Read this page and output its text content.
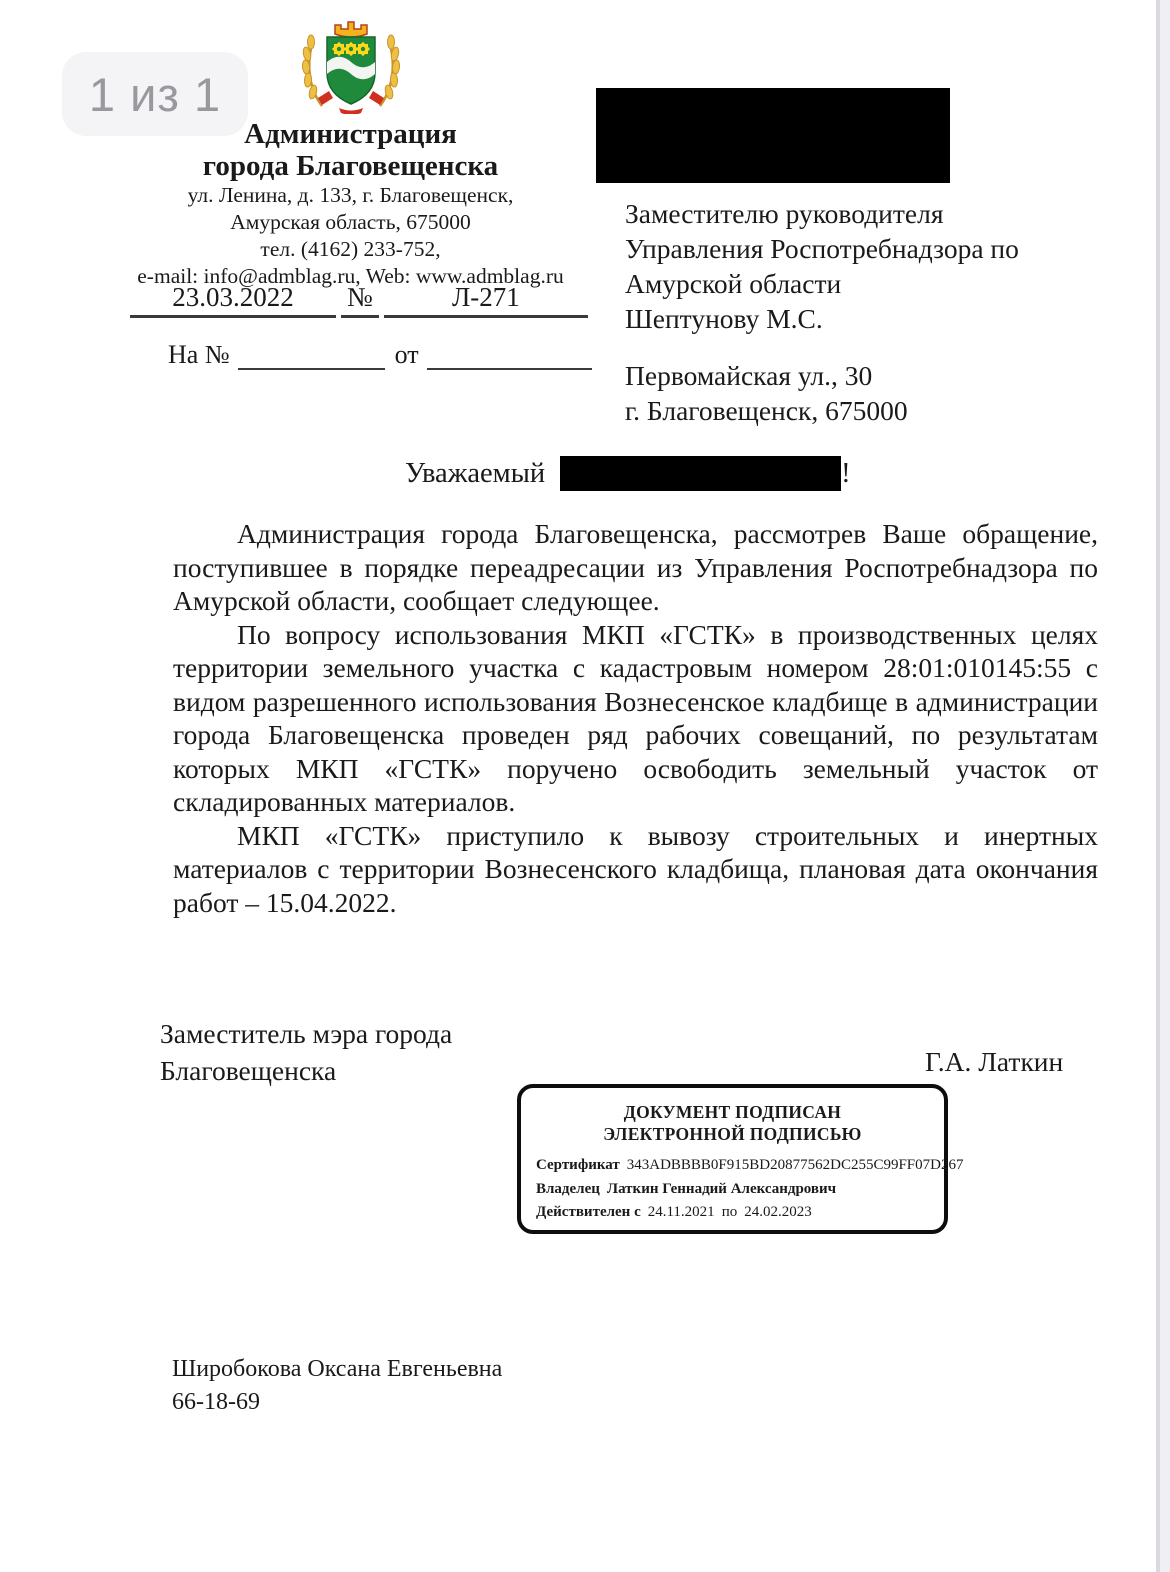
1 из 1
Администрация
города Благовещенска
ул. Ленина, д. 133, г. Благовещенск,
Амурская область, 675000
тел. (4162) 233-752,
e-mail: info@admblag.ru, Web: www.admblag.ru
23.03.2022	№	Л-271
На №	от
Заместителю руководителя
Управления Роспотребнадзора по
Амурской области
Шептунову М.С.
Первомайская ул., 30
г. Благовещенск, 675000
Уважаемый	!

Администрация города Благовещенска, рассмотрев Ваше обращение, поступившее в порядке переадресации из Управления Роспотребнадзора по Амурской области, сообщает следующее.

По вопросу использования МКП «ГСТК» в производственных целях территории земельного участка с кадастровым номером 28:01:010145:55 с видом разрешенного использования Вознесенское кладбище в администрации города Благовещенска проведен ряд рабочих совещаний, по результатам которых МКП «ГСТК» поручено освободить земельный участок от складированных материалов.

МКП «ГСТК» приступило к вывозу строительных и инертных материалов с территории Вознесенского кладбища, плановая дата окончания работ – 15.04.2022.

Заместитель мэра города
Благовещенска	Г.А. Латкин
ДОКУМЕНТ ПОДПИСАН
ЭЛЕКТРОННОЙ ПОДПИСЬЮ
Сертификат 343ADBBBB0F915BD20877562DC255C99FF07D267
Владелец Латкин Геннадий Александрович
Действителен с 24.11.2021 по 24.02.2023
Широбокова Оксана Евгеньевна
66-18-69
